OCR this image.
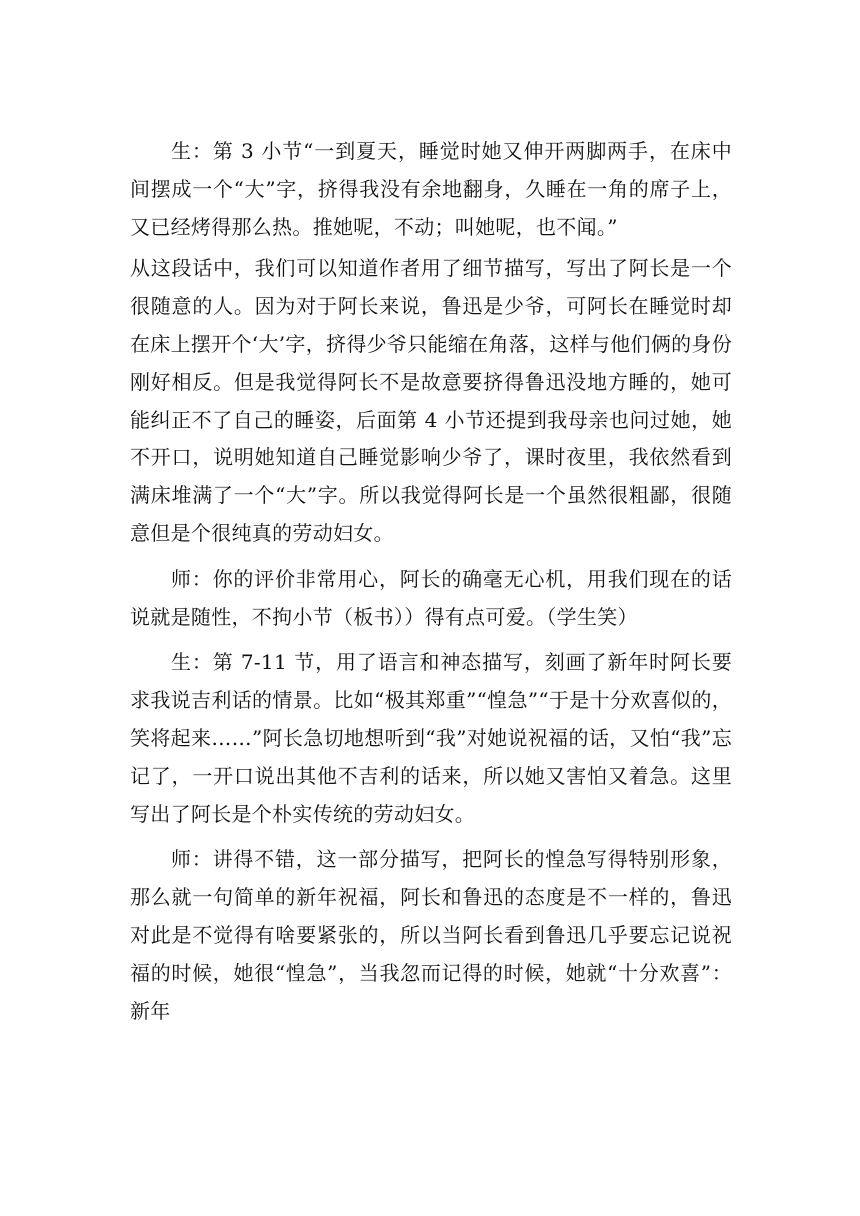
生：第 3 小节“一到夏天，睡觉时她又伸开两脚两手，在床中间摆成一个“大”字，挤得我没有余地翻身，久睡在一角的席子上，又已经烤得那么热。推她呢，不动；叫她呢，也不闻。”

从这段话中，我们可以知道作者用了细节描写，写出了阿长是一个很随意的人。因为对于阿长来说，鲁迅是少爷，可阿长在睡觉时却在床上摆开个‘大’字，挤得少爷只能缩在角落，这样与他们俩的身份刚好相反。但是我觉得阿长不是故意要挤得鲁迅没地方睡的，她可能纠正不了自己的睡姿，后面第 4 小节还提到我母亲也问过她，她不开口，说明她知道自己睡觉影响少爷了，课时夜里，我依然看到满床堆满了一个“大”字。所以我觉得阿长是一个虽然很粗鄙，很随意但是个很纯真的劳动妇女。

师：你的评价非常用心，阿长的确毫无心机，用我们现在的话说就是随性，不拘小节（板书））得有点可爱。（学生笑）

生：第 7-11 节，用了语言和神态描写，刻画了新年时阿长要求我说吉利话的情景。比如“极其郑重”“惶急”“于是十分欢喜似的，笑将起来……”阿长急切地想听到“我”对她说祝福的话，又怕“我”忘记了，一开口说出其他不吉利的话来，所以她又害怕又着急。这里写出了阿长是个朴实传统的劳动妇女。

师：讲得不错，这一部分描写，把阿长的惶急写得特别形象，那么就一句简单的新年祝福，阿长和鲁迅的态度是不一样的，鲁迅对此是不觉得有啥要紧张的，所以当阿长看到鲁迅几乎要忘记说祝福的时候，她很“惶急”，当我忽而记得的时候，她就“十分欢喜”：新年
